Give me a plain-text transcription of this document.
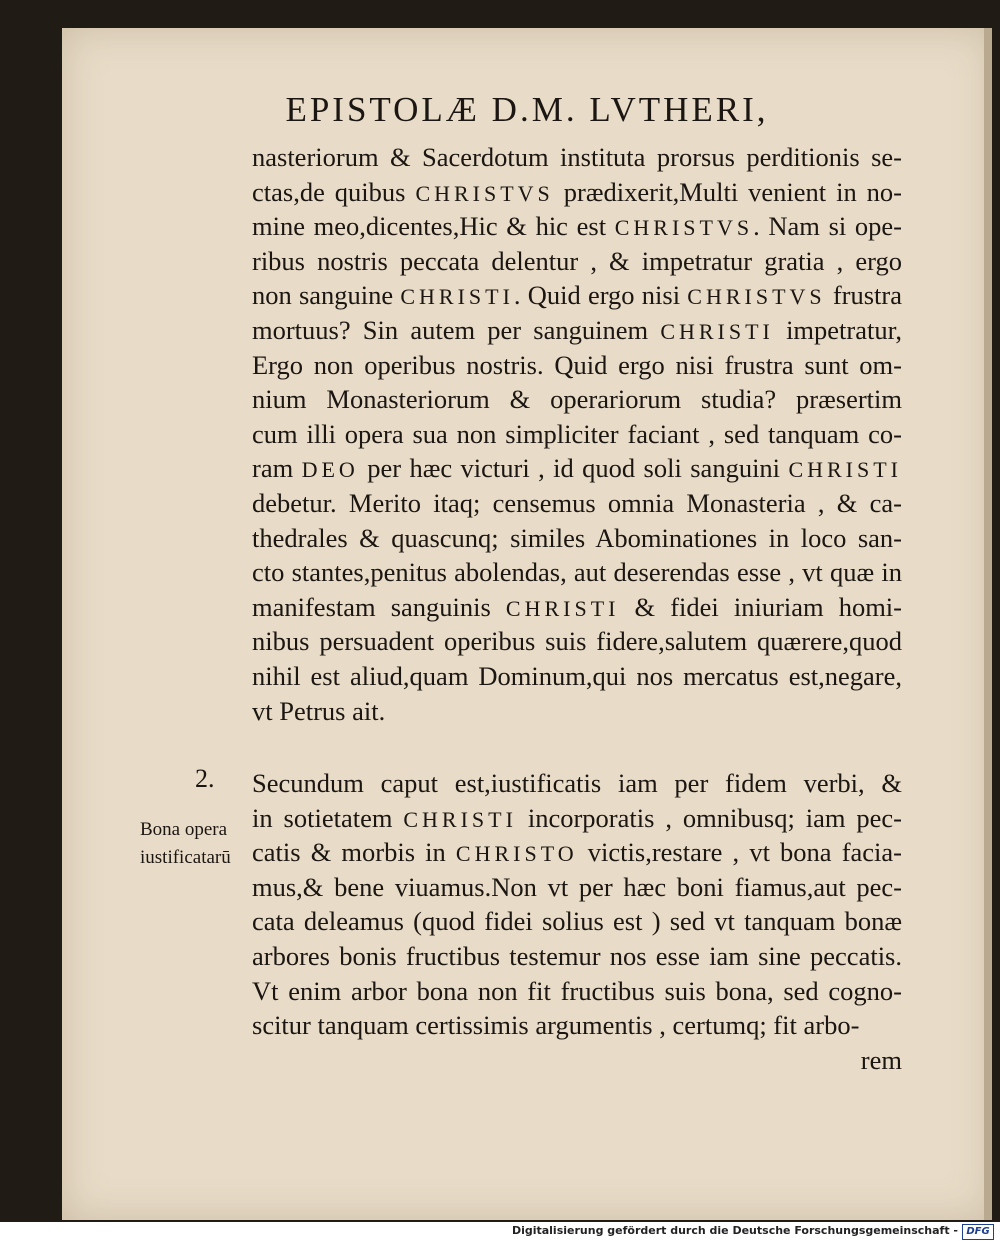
EPISTOLÆ D.M. LVTHERI,
2.
Bona opera
iustificatarū
nasteriorum & Sacerdotum instituta prorsus perditionis se-
ctas,de quibus CHRISTVS prædixerit,Multi venient in no-
mine meo,dicentes,Hic & hic est CHRISTVS. Nam si ope-
ribus nostris peccata delentur , & impetratur gratia , ergo
non sanguine CHRISTI. Quid ergo nisi CHRISTVS frustra
mortuus? Sin autem per sanguinem CHRISTI impetratur,
Ergo non operibus nostris. Quid ergo nisi frustra sunt om-
nium Monasteriorum & operariorum studia? præsertim
cum illi opera sua non simpliciter faciant , sed tanquam co-
ram DEO per hæc victuri , id quod soli sanguini CHRISTI
debetur. Merito itaq; censemus omnia Monasteria , & ca-
thedrales & quascunq; similes Abominationes in loco san-
cto stantes,penitus abolendas, aut deserendas esse , vt quæ in
manifestam sanguinis CHRISTI & fidei iniuriam homi-
nibus persuadent operibus suis fidere,salutem quærere,quod
nihil est aliud,quam Dominum,qui nos mercatus est,negare,
vt Petrus ait.
Secundum caput est,iustificatis iam per fidem verbi, &
in sotietatem CHRISTI incorporatis , omnibusq; iam pec-
catis & morbis in CHRISTO victis,restare , vt bona facia-
mus,& bene viuamus.Non vt per hæc boni fiamus,aut pec-
cata deleamus (quod fidei solius est ) sed vt tanquam bonæ
arbores bonis fructibus testemur nos esse iam sine peccatis.
Vt enim arbor bona non fit fructibus suis bona, sed cogno-
scitur tanquam certissimis argumentis , certumq; fit arbo-
rem
Digitalisierung gefördert durch die Deutsche Forschungsgemeinschaft - DFG
